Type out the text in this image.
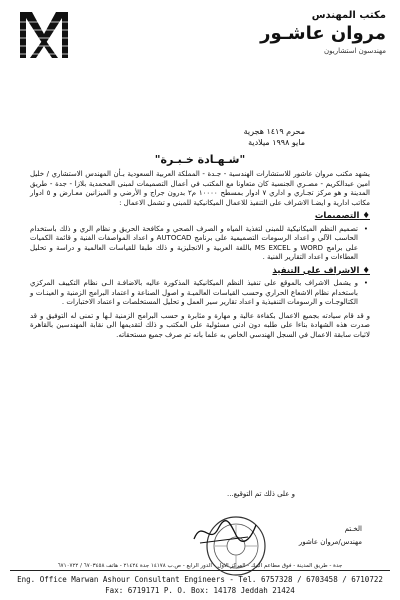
مكتب المهندس
مروان عاشـور
مهندسون استشاريون
محرم ١٤١٩ هجرية
مايو ١٩٩٨ ميلادية
"شـهـادة خـبـرة"

يشهد مكتب مروان عاشور للاستشارات الهندسية - جـدة - المملكة العربية السعودية بـأن المهندس الاستشاري / خليل امين عبدالكريم - مصـري الجنسية كان متعاونا مع المكتب في أعمال التصميمات لمبنى المحمدية بلازا - جدة - طريق المدينة و هو مركز تجـاري و اداري ٧ ادوار بمسطح ١٠٠٠٠ م٢ بدرون جراج و الأرضي و الميزانين معـارض و ٥ ادوار مكاتب ادارية و ايضـا الاشراف على التنفيذ للاعمال الميكانيكية للمبنى و تشمل الاعمال :

♦ التصميمات

• تصميم النظم الميكانيكية للمبنى لتغذية المياه و الصرف الصحي و مكافحة الحريق و نظام الري و ذلك باستخدام الحاسب الآلي و اعداد الرسومات التصميمية على برنامج AUTOCAD و اعداد المواصفات الفنية و قائمة الكميات على برامج WORD و MS EXCEL باللغة العربية و الانجليزية و ذلك طبقا للقياسات العالمية و دراسة و تحليل العطاءات و اعداد التقارير الفنية .

♦ الاشراف على التنفيذ

• و يشمل الاشراف بالموقع على تنفيذ النظم الميكانيكية المذكورة عاليه بالاضافـة الـى نظام التكييف المركزي باستخدام نظام الاشعاع الحراري وحسب القياسات العالميـة و اصول الصناعة و اعتماد البرامج الزمنية و العينـات و الكتالوجـات و الرسومات التنفيذية و اعداد تقارير سير العمل و تحليل المستخلصات و اعتماد الاختبارات .

و قد قام سيادته بجميع الاعمال بكفاءة عالية و مهارة و مثابرة و حسب البرامج الزمنية لـها و تمنى له التوفيق و قد صدرت هذه الشهادة بناءا على طلبه دون ادنى مسئولية على المكتب و ذلك لتقديمها الى نقابة المهندسين بالقاهرة لاثبات سابقة الاعمال في السجل الهندسي الخاص به علما بانه تم صرف جميع مستحقاته.

و على ذلك تم التوقيع...
الخـتم
مهندس/مروان عاشور
جدة - طريق المدينة - فوق مطاعم البيك - المركز الأول - الدور الرابع - ص.ب ١٤١٧٨ جدة ٢١٤٢٤ - هاتف ٦٧٠٣٤٥٨ / ٦٧١٠٧٢٢
Eng. Office Marwan Ashour Consultant Engineers - Tel. 6757328 / 6703458 / 6710722
Fax: 6719171 P. O. Box: 14178 Jeddah 21424
